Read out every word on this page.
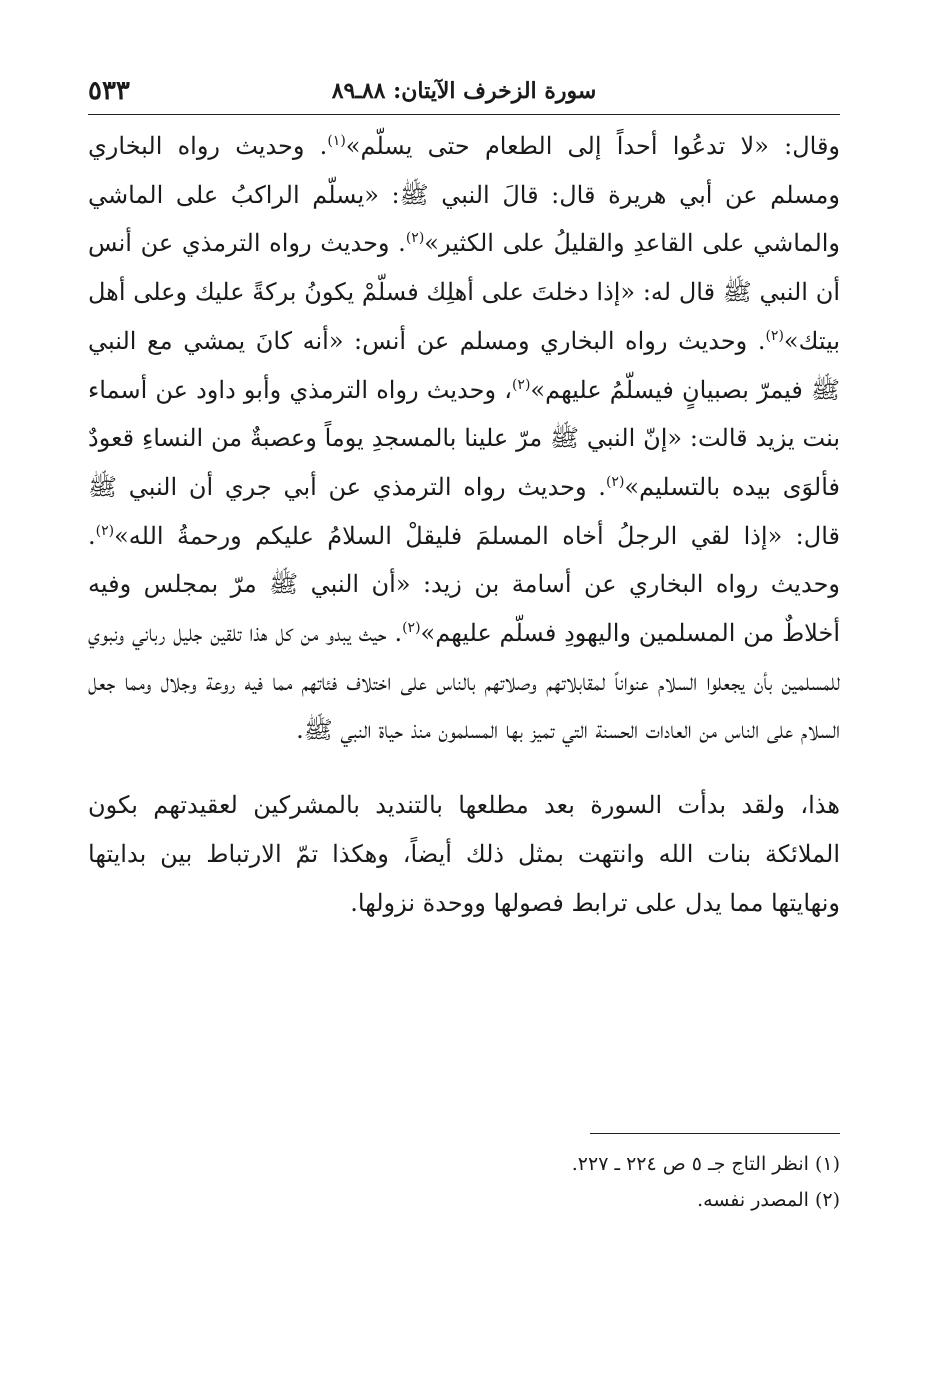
سورة الزخرف الآيتان: ٨٨ـ٨٩
٥٣٣

وقال: «لا تدعُوا أحداً إلى الطعام حتى يسلّم»$^{(١)}$. وحديث رواه البخاري ومسلم عن أبي هريرة قال: قالَ النبي ﷺ: «يسلّم الراكبُ على الماشي والماشي على القاعدِ والقليلُ على الكثير»$^{(٢)}$. وحديث رواه الترمذي عن أنس أن النبي ﷺ قال له: «إذا دخلتَ على أهلِك فسلّمْ يكونُ بركةً عليك وعلى أهل بيتك»$^{(٢)}$. وحديث رواه البخاري ومسلم عن أنس: «أنه كانَ يمشي مع النبي ﷺ فيمرّ بصبيانٍ فيسلّمُ عليهم»$^{(٢)}$، وحديث رواه الترمذي وأبو داود عن أسماء بنت يزيد قالت: «إنّ النبي ﷺ مرّ علينا بالمسجدِ يوماً وعصبةٌ من النساءِ قعودٌ فألوَى بيده بالتسليم»$^{(٢)}$. وحديث رواه الترمذي عن أبي جري أن النبي ﷺ قال: «إذا لقي الرجلُ أخاه المسلمَ فليقلْ السلامُ عليكم ورحمةُ الله»$^{(٢)}$. وحديث رواه البخاري عن أسامة بن زيد: «أن النبي ﷺ مرّ بمجلس وفيه أخلاطٌ من المسلمين واليهودِ فسلّم عليهم»$^{(٢)}$. حيث يبدو من كل هذا تلقين جليل رباني ونبوي للمسلمين بأن يجعلوا السلام عنواناً لمقابلاتهم وصلاتهم بالناس على اختلاف فئاتهم مما فيه روعة وجلال ومما جعل السلام على الناس من العادات الحسنة التي تميز بها المسلمون منذ حياة النبي ﷺ.

هذا، ولقد بدأت السورة بعد مطلعها بالتنديد بالمشركين لعقيدتهم بكون الملائكة بنات الله وانتهت بمثل ذلك أيضاً، وهكذا تمّ الارتباط بين بدايتها ونهايتها مما يدل على ترابط فصولها ووحدة نزولها.

(١) انظر التاج جـ ٥ ص ٢٢٤ ـ ٢٢٧.
(٢) المصدر نفسه.
